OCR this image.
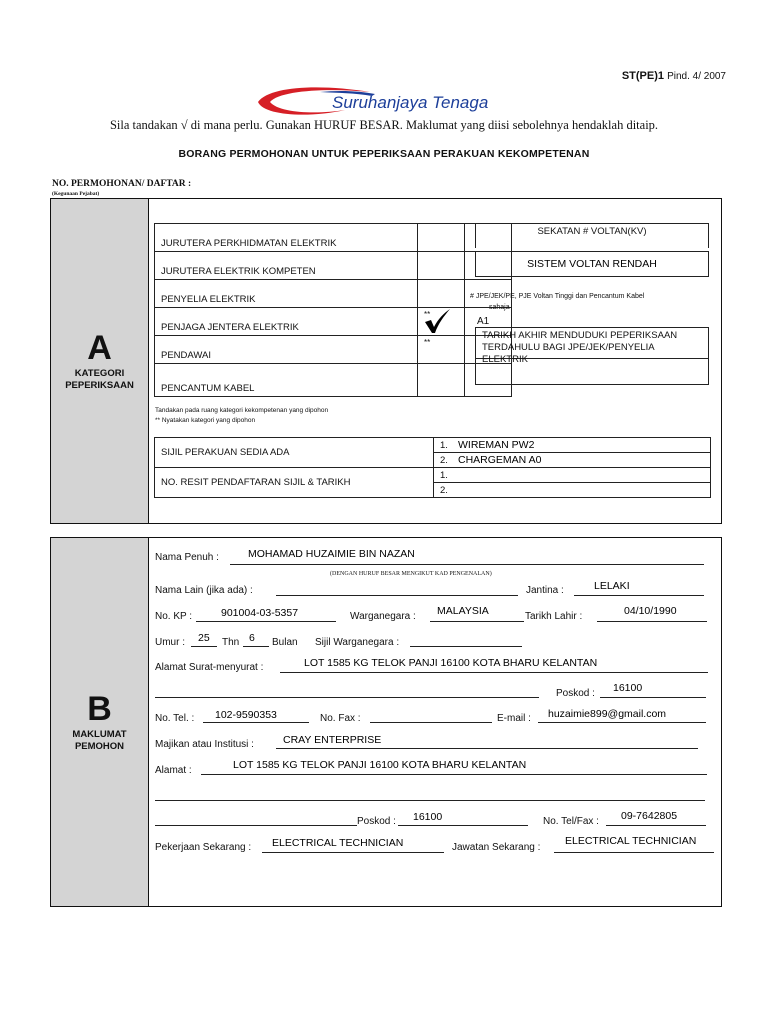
ST(PE)1 Pind. 4/ 2007
Suruhanjaya Tenaga
Sila tandakan √ di mana perlu. Gunakan HURUF BESAR. Maklumat yang diisi sebolehnya hendaklah ditaip.
BORANG PERMOHONAN UNTUK PEPERIKSAAN PERAKUAN KEKOMPETENAN
NO. PERMOHONAN/ DAFTAR :
(Kegunaan Pejabat)
A
KATEGORI
PEPERIKSAAN
JURUTERA PERKHIDMATAN ELEKTRIK		
JURUTERA ELEKTRIK KOMPETEN		
PENYELIA ELEKTRIK		
PENJAGA JENTERA ELEKTRIK	**	A1
PENDAWAI	**	

PENCANTUM KABEL		
SEKATAN # VOLTAN(KV)
SISTEM VOLTAN RENDAH
# JPE/JEK/PE, PJE Voltan Tinggi dan Pencantum Kabel
sahaja
TARIKH AKHIR MENDUDUKI PEPERIKSAAN
TERDAHULU BAGI JPE/JEK/PENYELIA ELEKTRIK
Tandakan pada ruang kategori kekompetenan yang dipohon
** Nyatakan kategori yang dipohon
SIJIL PERAKUAN SEDIA ADA	1. WIREMAN PW2
	2. CHARGEMAN A0
NO. RESIT PENDAFTARAN SIJIL & TARIKH	1.
	2.
B
MAKLUMAT
PEMOHON
Nama Penuh :	MOHAMAD HUZAIMIE BIN NAZAN
(DENGAN HURUF BESAR MENGIKUT KAD PENGENALAN)
Nama Lain (jika ada) :	Jantina :	LELAKI
No. KP :	901004-03-5357	Warganegara : MALAYSIA	Tarikh Lahir :	04/10/1990
Umur : 25 Thn 6 Bulan Sijil Warganegara :
Alamat Surat-menyurat :	LOT 1585 KG TELOK PANJI 16100 KOTA BHARU KELANTAN
Poskod : 16100
No. Tel. : 102-9590353	No. Fax :	E-mail : huzaimie899@gmail.com
Majikan atau Institusi :	CRAY ENTERPRISE
Alamat :	LOT 1585 KG TELOK PANJI 16100 KOTA BHARU KELANTAN
Poskod : 16100	No. Tel/Fax : 09-7642805
Pekerjaan Sekarang : ELECTRICAL TECHNICIAN	Jawatan Sekarang :
ELECTRICAL TECHNICIAN
